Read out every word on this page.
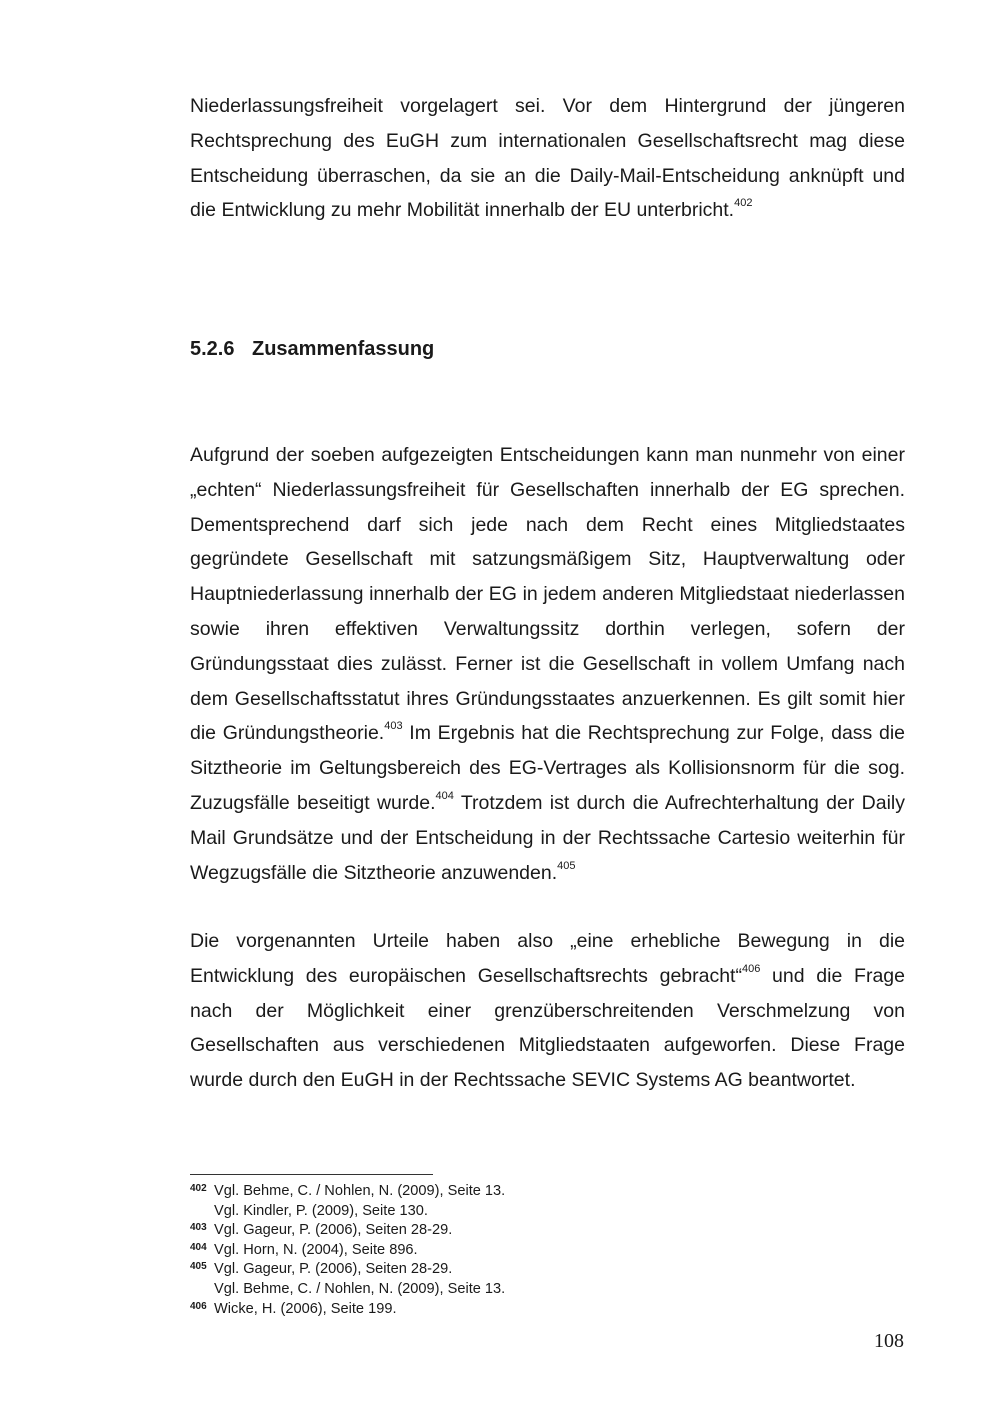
Niederlassungsfreiheit vorgelagert sei. Vor dem Hintergrund der jüngeren Rechtsprechung des EuGH zum internationalen Gesellschaftsrecht mag diese Entscheidung überraschen, da sie an die Daily-Mail-Entscheidung anknüpft und die Entwicklung zu mehr Mobilität innerhalb der EU unterbricht.$^{402}$

5.2.6 Zusammenfassung

Aufgrund der soeben aufgezeigten Entscheidungen kann man nunmehr von einer „echten“ Niederlassungsfreiheit für Gesellschaften innerhalb der EG sprechen. Dementsprechend darf sich jede nach dem Recht eines Mitgliedstaates gegründete Gesellschaft mit satzungsmäßigem Sitz, Hauptverwaltung oder Hauptniederlassung innerhalb der EG in jedem anderen Mitgliedstaat niederlassen sowie ihren effektiven Verwaltungssitz dorthin verlegen, sofern der Gründungsstaat dies zulässt. Ferner ist die Gesellschaft in vollem Umfang nach dem Gesellschaftsstatut ihres Gründungsstaates anzuerkennen. Es gilt somit hier die Gründungstheorie.$^{403}$ Im Ergebnis hat die Rechtsprechung zur Folge, dass die Sitztheorie im Geltungsbereich des EG-Vertrages als Kollisionsnorm für die sog. Zuzugsfälle beseitigt wurde.$^{404}$ Trotzdem ist durch die Aufrechterhaltung der Daily Mail Grundsätze und der Entscheidung in der Rechtssache Cartesio weiterhin für Wegzugsfälle die Sitztheorie anzuwenden.$^{405}$

Die vorgenannten Urteile haben also „eine erhebliche Bewegung in die Entwicklung des europäischen Gesellschaftsrechts gebracht“$^{406}$ und die Frage nach der Möglichkeit einer grenzüberschreitenden Verschmelzung von Gesellschaften aus verschiedenen Mitgliedstaaten aufgeworfen. Diese Frage wurde durch den EuGH in der Rechtssache SEVIC Systems AG beantwortet.

402 Vgl. Behme, C. / Nohlen, N. (2009), Seite 13.
Vgl. Kindler, P. (2009), Seite 130.
403 Vgl. Gageur, P. (2006), Seiten 28-29.
404 Vgl. Horn, N. (2004), Seite 896.
405 Vgl. Gageur, P. (2006), Seiten 28-29.
Vgl. Behme, C. / Nohlen, N. (2009), Seite 13.
406 Wicke, H. (2006), Seite 199.
108
